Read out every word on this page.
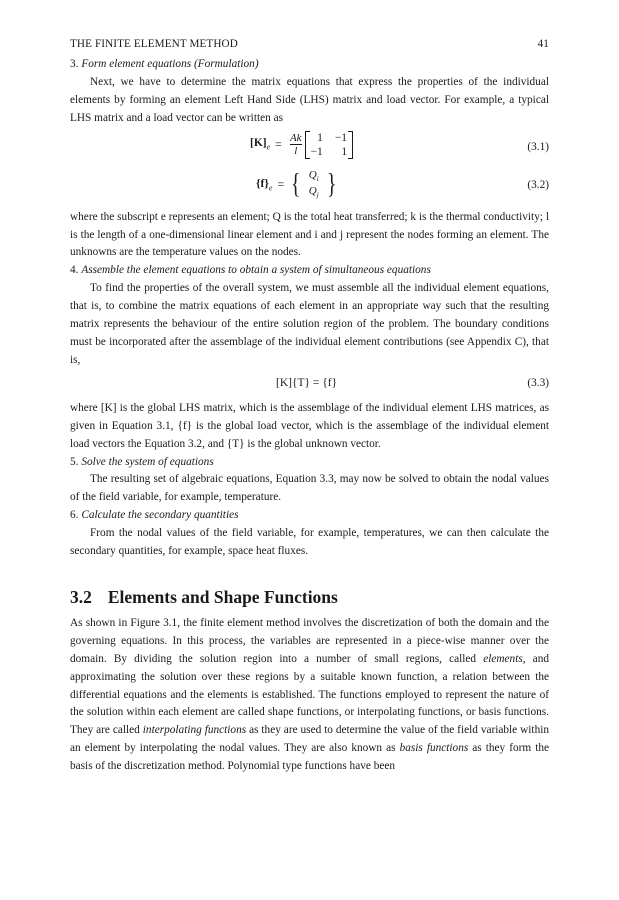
THE FINITE ELEMENT METHOD	41

3. Form element equations (Formulation)

Next, we have to determine the matrix equations that express the properties of the individual elements by forming an element Left Hand Side (LHS) matrix and load vector. For example, a typical LHS matrix and a load vector can be written as

$[K]_e = \frac{Ak}{l}$	1 −1
−1	1	(3.1)
$\{f\}_e$ = { $Q_i$
$Q_j$ }	(3.2)

where the subscript e represents an element; Q is the total heat transferred; k is the thermal conductivity; l is the length of a one-dimensional linear element and i and j represent the nodes forming an element. The unknowns are the temperature values on the nodes.

4. Assemble the element equations to obtain a system of simultaneous equations

To find the properties of the overall system, we must assemble all the individual element equations, that is, to combine the matrix equations of each element in an appropriate way such that the resulting matrix represents the behaviour of the entire solution region of the problem. The boundary conditions must be incorporated after the assemblage of the individual element contributions (see Appendix C), that is,

[K]{T} = {f}	(3.3)

where [K] is the global LHS matrix, which is the assemblage of the individual element LHS matrices, as given in Equation 3.1, {f} is the global load vector, which is the assemblage of the individual element load vectors the Equation 3.2, and {T} is the global unknown vector.

5. Solve the system of equations

The resulting set of algebraic equations, Equation 3.3, may now be solved to obtain the nodal values of the field variable, for example, temperature.

6. Calculate the secondary quantities

From the nodal values of the field variable, for example, temperatures, we can then calculate the secondary quantities, for example, space heat fluxes.

3.2 Elements and Shape Functions

As shown in Figure 3.1, the finite element method involves the discretization of both the domain and the governing equations. In this process, the variables are represented in a piece-wise manner over the domain. By dividing the solution region into a number of small regions, called elements, and approximating the solution over these regions by a suitable known function, a relation between the differential equations and the elements is established. The functions employed to represent the nature of the solution within each element are called shape functions, or interpolating functions, or basis functions. They are called interpolating functions as they are used to determine the value of the field variable within an element by interpolating the nodal values. They are also known as basis functions as they form the basis of the discretization method. Polynomial type functions have been
